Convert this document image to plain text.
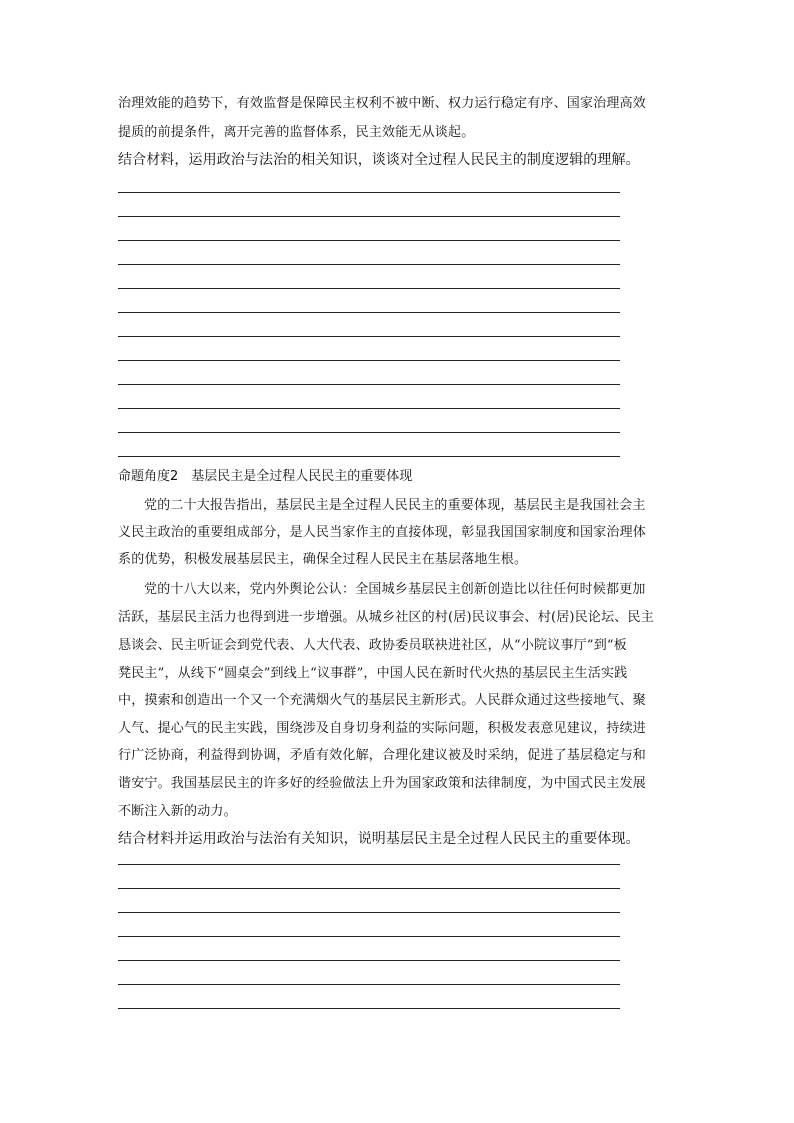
治理效能的趋势下，有效监督是保障民主权利不被中断、权力运行稳定有序、国家治理高效
提质的前提条件，离开完善的监督体系，民主效能无从谈起。
结合材料，运用政治与法治的相关知识，谈谈对全过程人民民主的制度逻辑的理解。
命题角度2　基层民主是全过程人民民主的重要体现
党的二十大报告指出，基层民主是全过程人民民主的重要体现，基层民主是我国社会主
义民主政治的重要组成部分，是人民当家作主的直接体现，彰显我国国家制度和国家治理体
系的优势，积极发展基层民主，确保全过程人民民主在基层落地生根。
党的十八大以来，党内外舆论公认：全国城乡基层民主创新创造比以往任何时候都更加
活跃，基层民主活力也得到进一步增强。从城乡社区的村(居)民议事会、村(居)民论坛、民主
恳谈会、民主听证会到党代表、人大代表、政协委员联袂进社区，从“小院议事厅”到“板
凳民主”，从线下“圆桌会”到线上“议事群”，中国人民在新时代火热的基层民主生活实践
中，摸索和创造出一个又一个充满烟火气的基层民主新形式。人民群众通过这些接地气、聚
人气、提心气的民主实践，围绕涉及自身切身利益的实际问题，积极发表意见建议，持续进
行广泛协商，利益得到协调，矛盾有效化解，合理化建议被及时采纳，促进了基层稳定与和
谐安宁。我国基层民主的许多好的经验做法上升为国家政策和法律制度，为中国式民主发展
不断注入新的动力。
结合材料并运用政治与法治有关知识，说明基层民主是全过程人民民主的重要体现。
